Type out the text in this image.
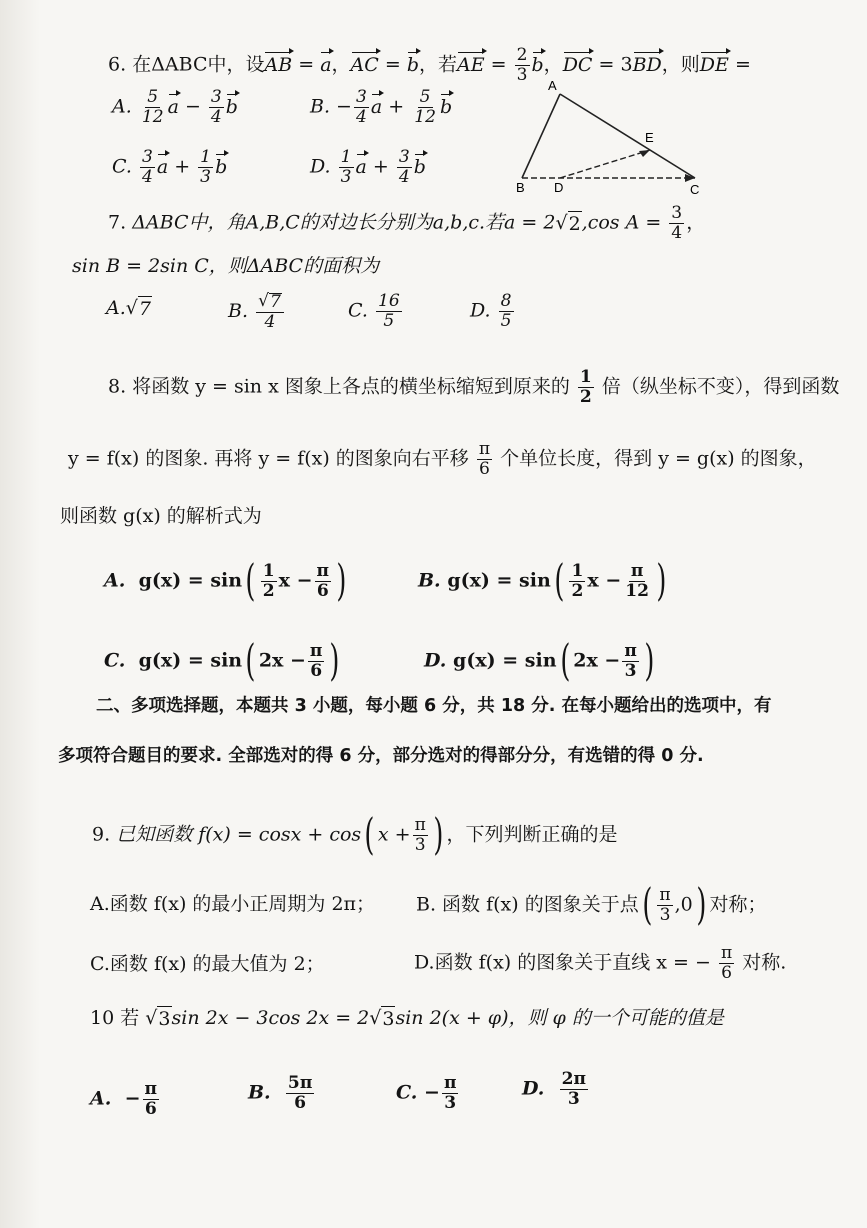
6. 在ΔABC中，设AB = a，AC = b，若AE = $\frac{2}{3}$ b，DC = 3BD，则DE =
A. $\frac{5}{12}$ $a - \frac{3}{4}$ b	B. − $\frac{3}{4}$ $a + \frac{5}{12}$ b
C. $\frac{3}{4}$ $a + \frac{1}{3}$ b	D. $\frac{1}{3}$ $a + \frac{3}{4}$ b
A
E
B D	C
7. ΔABC中，角A,B,C的对边长分别为a,b,c.若a = 2 √ 2 ,cos $A = \frac{3}{4}$ ，
sin B = 2sin C，则ΔABC的面积为
A. √ 7	B. $\frac{√ 7}{4}$	C. $\frac{16}{5}$	D. $\frac{8}{5}$
8. 将函数 y = sin x 图象上各点的横坐标缩短到原来的 $\frac{1}{2}$ 倍（纵坐标不变），得到函数
y = f(x) 的图象. 再将 y = f(x) 的图象向右平移 $\frac{\pi}{6}$ 个单位长度，得到 y = g(x) 的图象，
则函数 g(x) 的解析式为
A. $g(x) = \sin( \frac{1}{2}$ $x - \frac{\pi}{6}$ )	B. $g(x) = \sin( \frac{1}{2}$ $x - \frac{\pi}{12}$ )
C. g(x) = sin( $2x - \frac{\pi}{6}$ )	D. g(x) = sin( $2x - \frac{\pi}{3}$ )
二、多项选择题，本题共 3 小题，每小题 6 分，共 18 分. 在每小题给出的选项中，有
多项符合题目的要求. 全部选对的得 6 分，部分选对的得部分分，有选错的得 0 分.
9. 已知函数 f(x) = cosx + cos( $x + \frac{\pi}{3}$ ) ，下列判断正确的是
A.函数 f(x) 的最小正周期为 2π； B. 函数 f(x) 的图象关于点( $\frac{\pi}{3} ,0$) 对称；
C.函数 f(x) 的最大值为 2；	D.函数 f(x) 的图象关于直线 x = − $\frac{\pi}{6}$ 对称.
10 若 √ 3 sin 2x − 3cos 2x = 2 √ 3 sin 2(x + φ)，则 φ 的一个可能的值是
A. − $\frac{\pi}{6}$	B. $\frac{5\pi}{6}$	C. − $\frac{\pi}{3}$	D. $\frac{2\pi}{3}$
